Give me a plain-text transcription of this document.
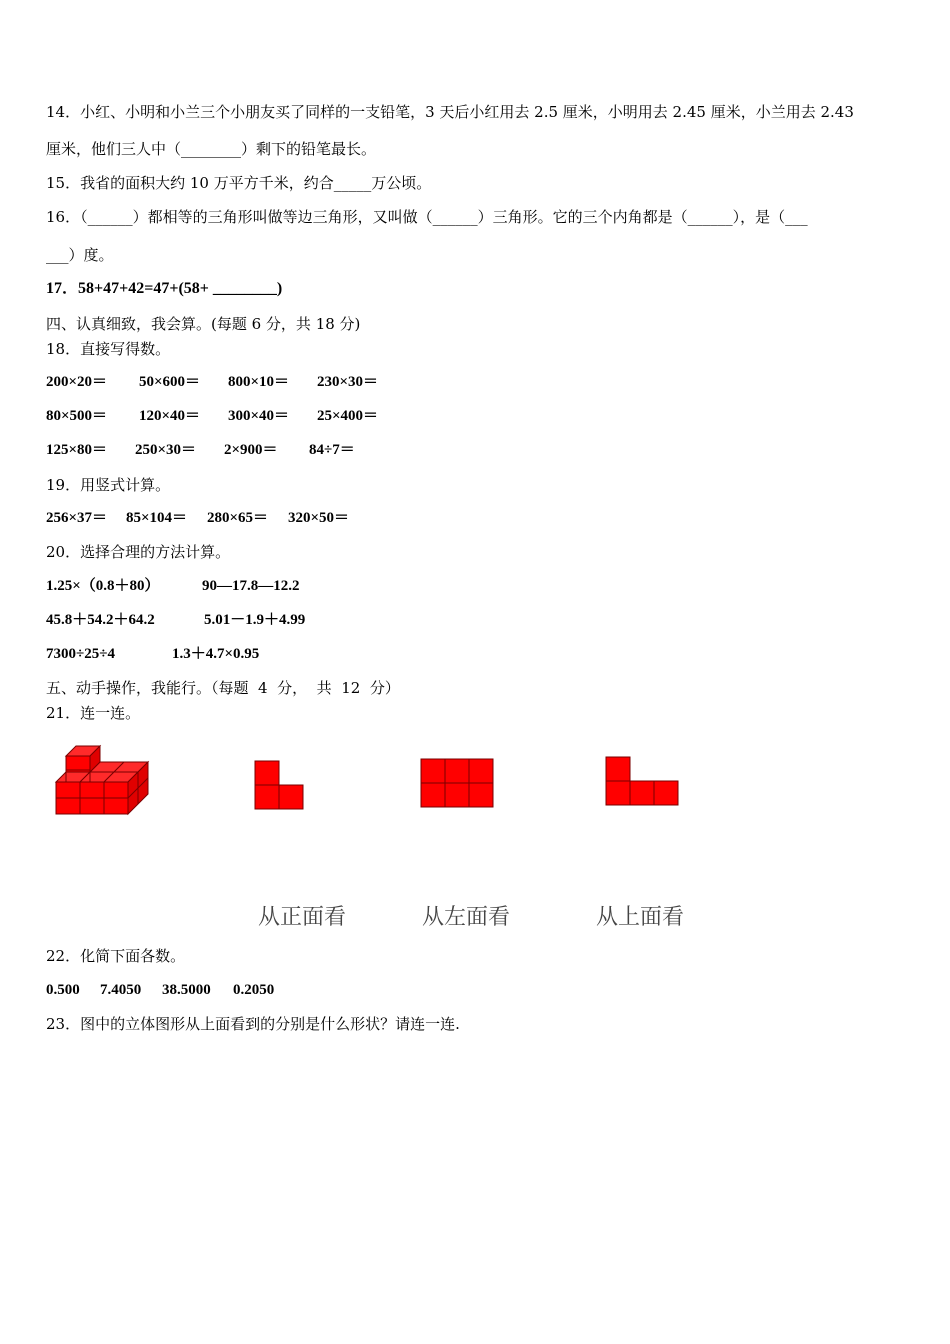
14．小红、小明和小兰三个小朋友买了同样的一支铅笔，3 天后小红用去 2.5 厘米，小明用去 2.45 厘米，小兰用去 2.43
厘米，他们三人中（________）剩下的铅笔最长。
15．我省的面积大约 10 万平方千米，约合_____万公顷。
16．（______）都相等的三角形叫做等边三角形，又叫做（______）三角形。它的三个内角都是（______），是（___
___）度。
17．58+47+42=47+(58+ ________)
四、认真细致，我会算。(每题 6 分，共 18 分)
18．直接写得数。
200×20＝ 50×600＝ 800×10＝ 230×30＝
80×500＝ 120×40＝ 300×40＝ 25×400＝
125×80＝ 250×30＝ 2×900＝ 84÷7＝
19．用竖式计算。
256×37＝ 85×104＝ 280×65＝ 320×50＝
20．选择合理的方法计算。
1.25×（0.8＋80）	90—17.8—12.2
45.8＋54.2＋64.2	5.01－1.9＋4.99
7300÷25÷4	1.3＋4.7×0.95
五、动手操作，我能行。（每题  4  分，  共  12  分）
21．连一连。
从正面看	从左面看	从上面看
22．化简下面各数。
0.500 7.4050 38.5000 0.2050
23．图中的立体图形从上面看到的分别是什么形状？请连一连.
